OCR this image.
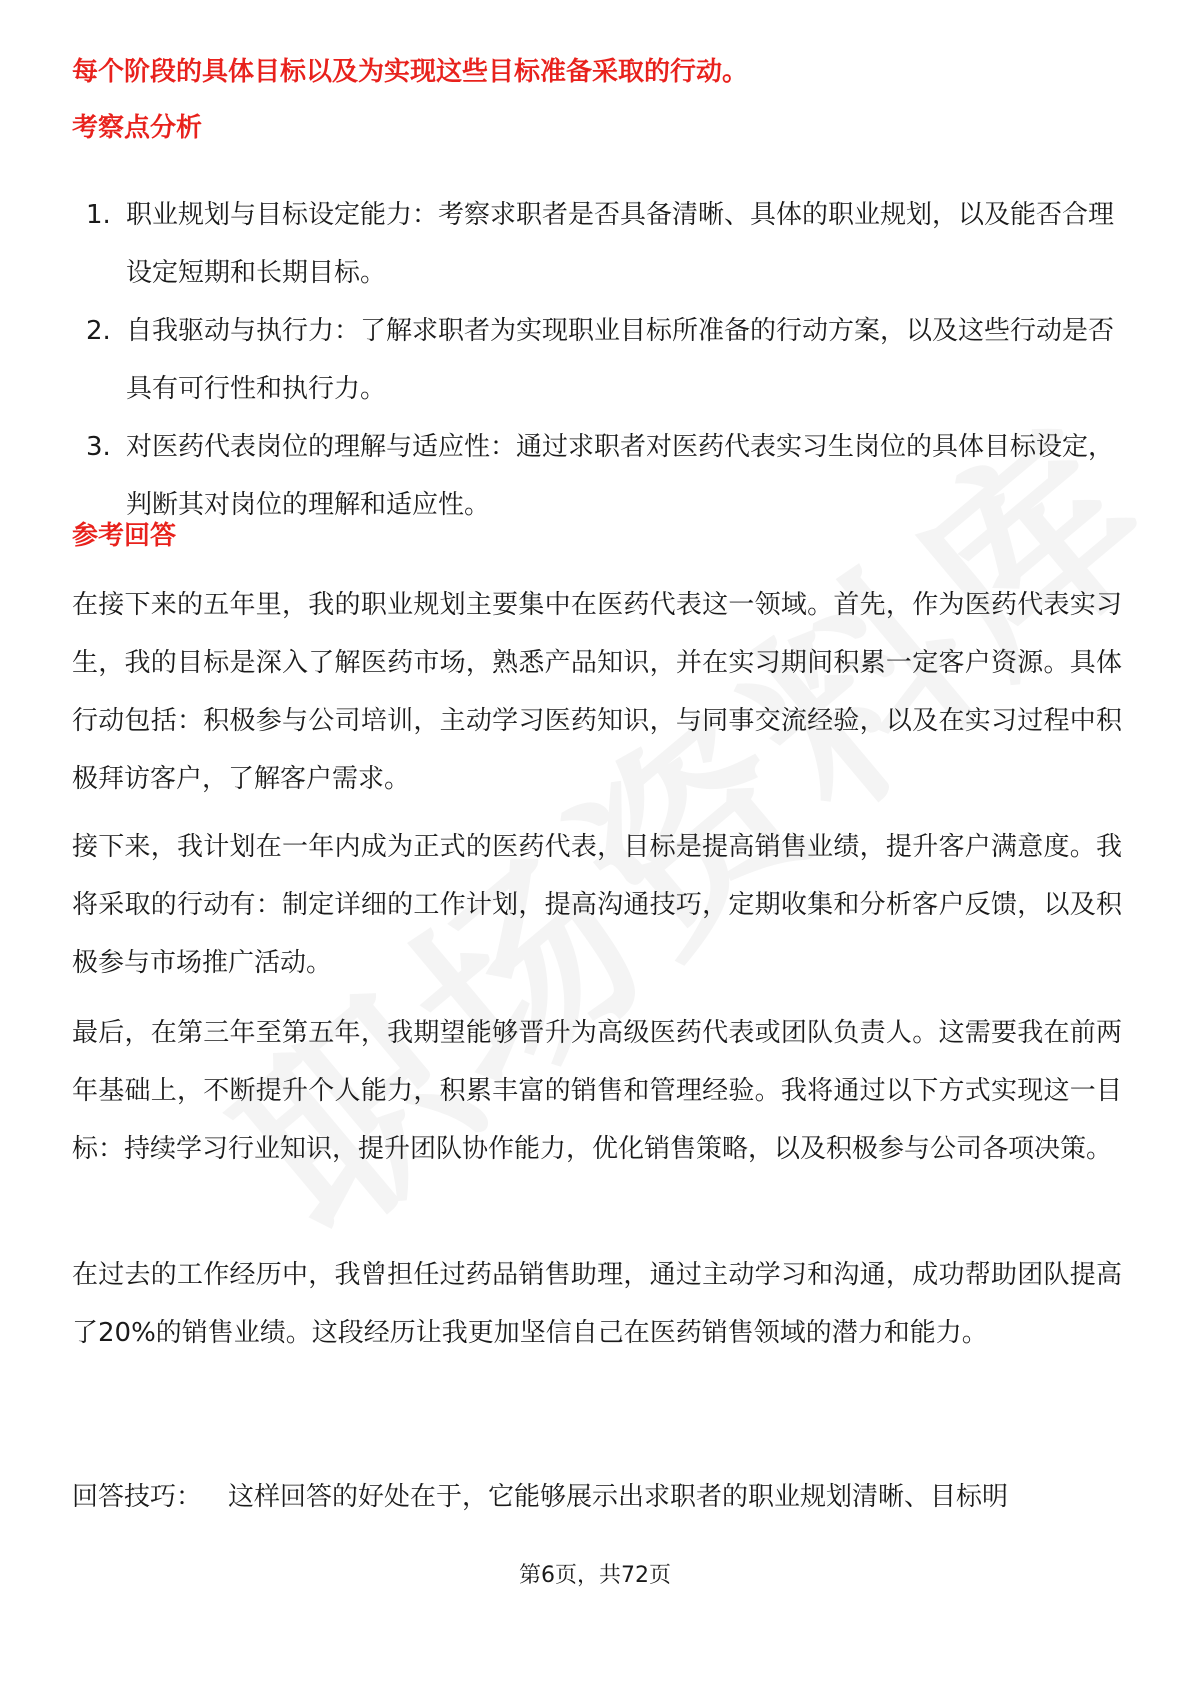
每个阶段的具体目标以及为实现这些目标准备采取的行动。

考察点分析

1. 职业规划与目标设定能力：考察求职者是否具备清晰、具体的职业规划，以及能否合理设定短期和长期目标。
2. 自我驱动与执行力：了解求职者为实现职业目标所准备的行动方案，以及这些行动是否具有可行性和执行力。
3. 对医药代表岗位的理解与适应性：通过求职者对医药代表实习生岗位的具体目标设定，判断其对岗位的理解和适应性。

参考回答

在接下来的五年里，我的职业规划主要集中在医药代表这一领域。首先，作为医药代表实习生，我的目标是深入了解医药市场，熟悉产品知识，并在实习期间积累一定客户资源。具体行动包括：积极参与公司培训，主动学习医药知识，与同事交流经验，以及在实习过程中积极拜访客户，了解客户需求。

接下来，我计划在一年内成为正式的医药代表，目标是提高销售业绩，提升客户满意度。我将采取的行动有：制定详细的工作计划，提高沟通技巧，定期收集和分析客户反馈，以及积极参与市场推广活动。

最后，在第三年至第五年，我期望能够晋升为高级医药代表或团队负责人。这需要我在前两年基础上，不断提升个人能力，积累丰富的销售和管理经验。我将通过以下方式实现这一目标：持续学习行业知识，提升团队协作能力，优化销售策略，以及积极参与公司各项决策。

在过去的工作经历中，我曾担任过药品销售助理，通过主动学习和沟通，成功帮助团队提高了20%的销售业绩。这段经历让我更加坚信自己在医药销售领域的潜力和能力。

回答技巧： 这样回答的好处在于，它能够展示出求职者的职业规划清晰、目标明

第6页，共72页
